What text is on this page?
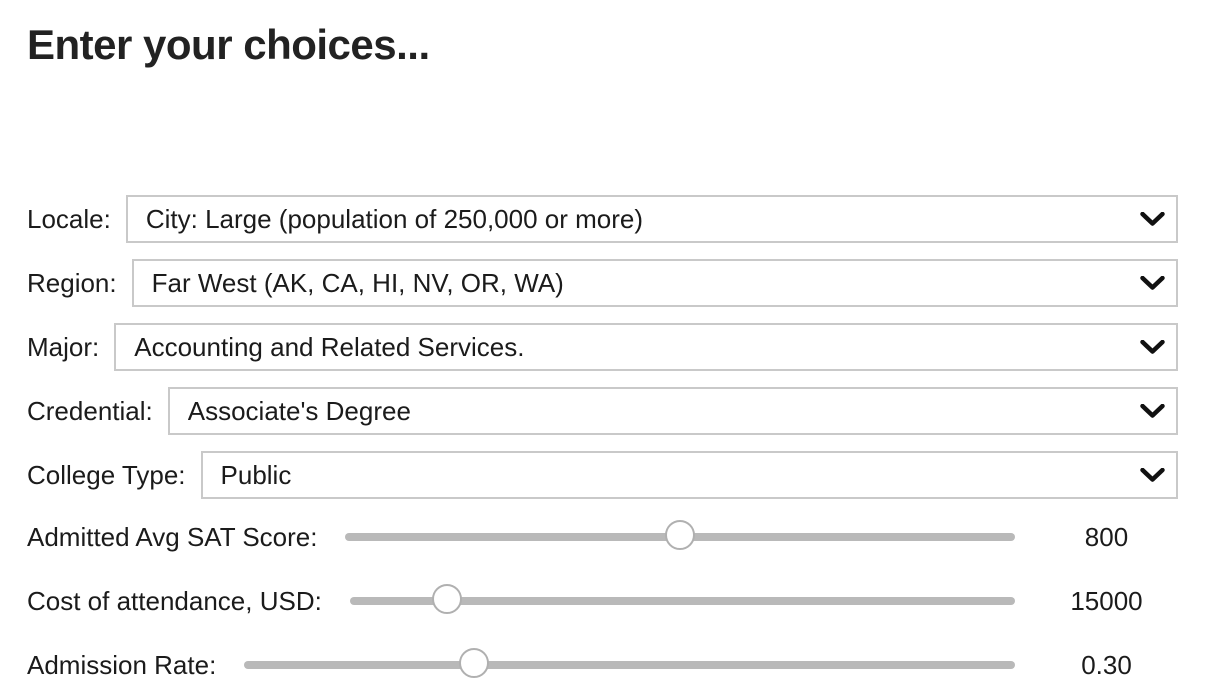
Enter your choices...
Locale:
City: Large (population of 250,000 or more)
Region:
Far West (AK, CA, HI, NV, OR, WA)
Major:
Accounting and Related Services.
Credential:
Associate's Degree
College Type:
Public
Admitted Avg SAT Score:	800
Cost of attendance, USD:	15000
Admission Rate:	0.30
